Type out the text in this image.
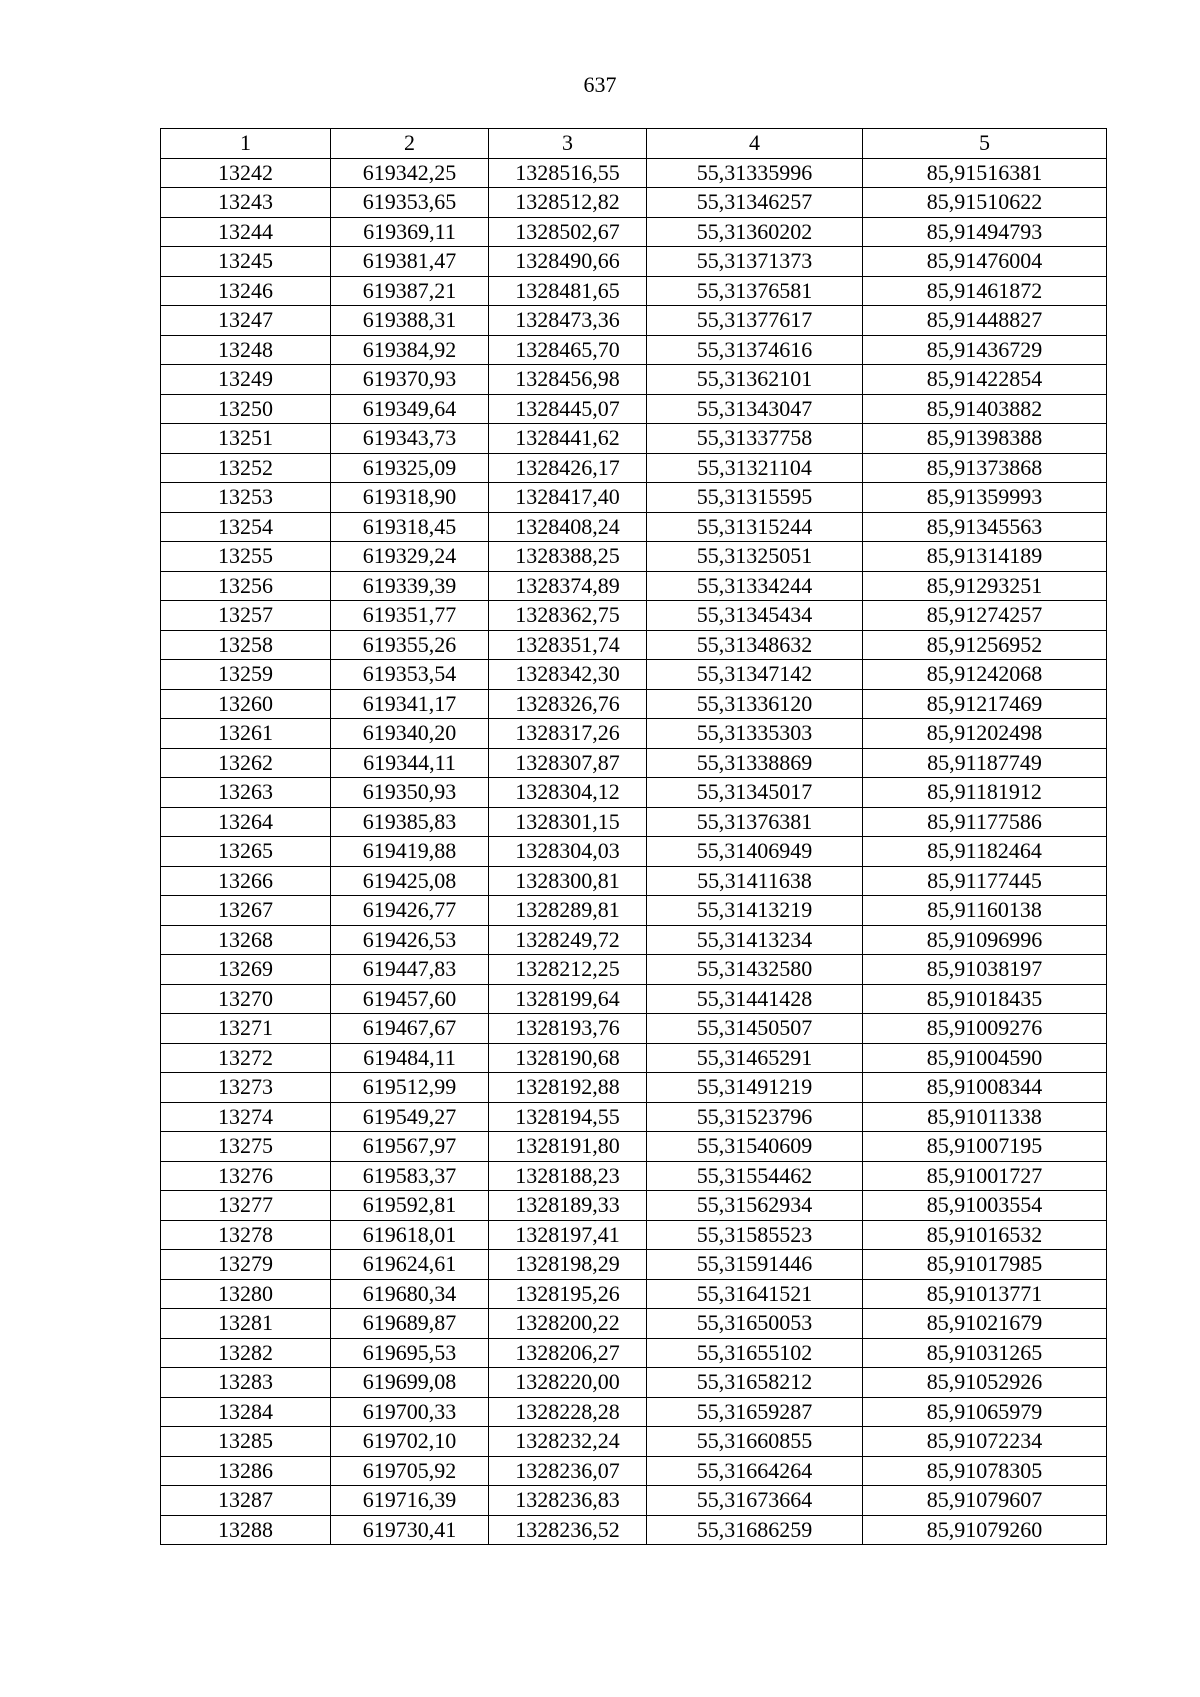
637
1	2	3	4	5
13242	619342,25	1328516,55	55,31335996	85,91516381
13243	619353,65	1328512,82	55,31346257	85,91510622
13244	619369,11	1328502,67	55,31360202	85,91494793
13245	619381,47	1328490,66	55,31371373	85,91476004
13246	619387,21	1328481,65	55,31376581	85,91461872
13247	619388,31	1328473,36	55,31377617	85,91448827
13248	619384,92	1328465,70	55,31374616	85,91436729
13249	619370,93	1328456,98	55,31362101	85,91422854
13250	619349,64	1328445,07	55,31343047	85,91403882
13251	619343,73	1328441,62	55,31337758	85,91398388
13252	619325,09	1328426,17	55,31321104	85,91373868
13253	619318,90	1328417,40	55,31315595	85,91359993
13254	619318,45	1328408,24	55,31315244	85,91345563
13255	619329,24	1328388,25	55,31325051	85,91314189
13256	619339,39	1328374,89	55,31334244	85,91293251
13257	619351,77	1328362,75	55,31345434	85,91274257
13258	619355,26	1328351,74	55,31348632	85,91256952
13259	619353,54	1328342,30	55,31347142	85,91242068
13260	619341,17	1328326,76	55,31336120	85,91217469
13261	619340,20	1328317,26	55,31335303	85,91202498
13262	619344,11	1328307,87	55,31338869	85,91187749
13263	619350,93	1328304,12	55,31345017	85,91181912
13264	619385,83	1328301,15	55,31376381	85,91177586
13265	619419,88	1328304,03	55,31406949	85,91182464
13266	619425,08	1328300,81	55,31411638	85,91177445
13267	619426,77	1328289,81	55,31413219	85,91160138
13268	619426,53	1328249,72	55,31413234	85,91096996
13269	619447,83	1328212,25	55,31432580	85,91038197
13270	619457,60	1328199,64	55,31441428	85,91018435
13271	619467,67	1328193,76	55,31450507	85,91009276
13272	619484,11	1328190,68	55,31465291	85,91004590
13273	619512,99	1328192,88	55,31491219	85,91008344
13274	619549,27	1328194,55	55,31523796	85,91011338
13275	619567,97	1328191,80	55,31540609	85,91007195
13276	619583,37	1328188,23	55,31554462	85,91001727
13277	619592,81	1328189,33	55,31562934	85,91003554
13278	619618,01	1328197,41	55,31585523	85,91016532
13279	619624,61	1328198,29	55,31591446	85,91017985
13280	619680,34	1328195,26	55,31641521	85,91013771
13281	619689,87	1328200,22	55,31650053	85,91021679
13282	619695,53	1328206,27	55,31655102	85,91031265
13283	619699,08	1328220,00	55,31658212	85,91052926
13284	619700,33	1328228,28	55,31659287	85,91065979
13285	619702,10	1328232,24	55,31660855	85,91072234
13286	619705,92	1328236,07	55,31664264	85,91078305
13287	619716,39	1328236,83	55,31673664	85,91079607
13288	619730,41	1328236,52	55,31686259	85,91079260
